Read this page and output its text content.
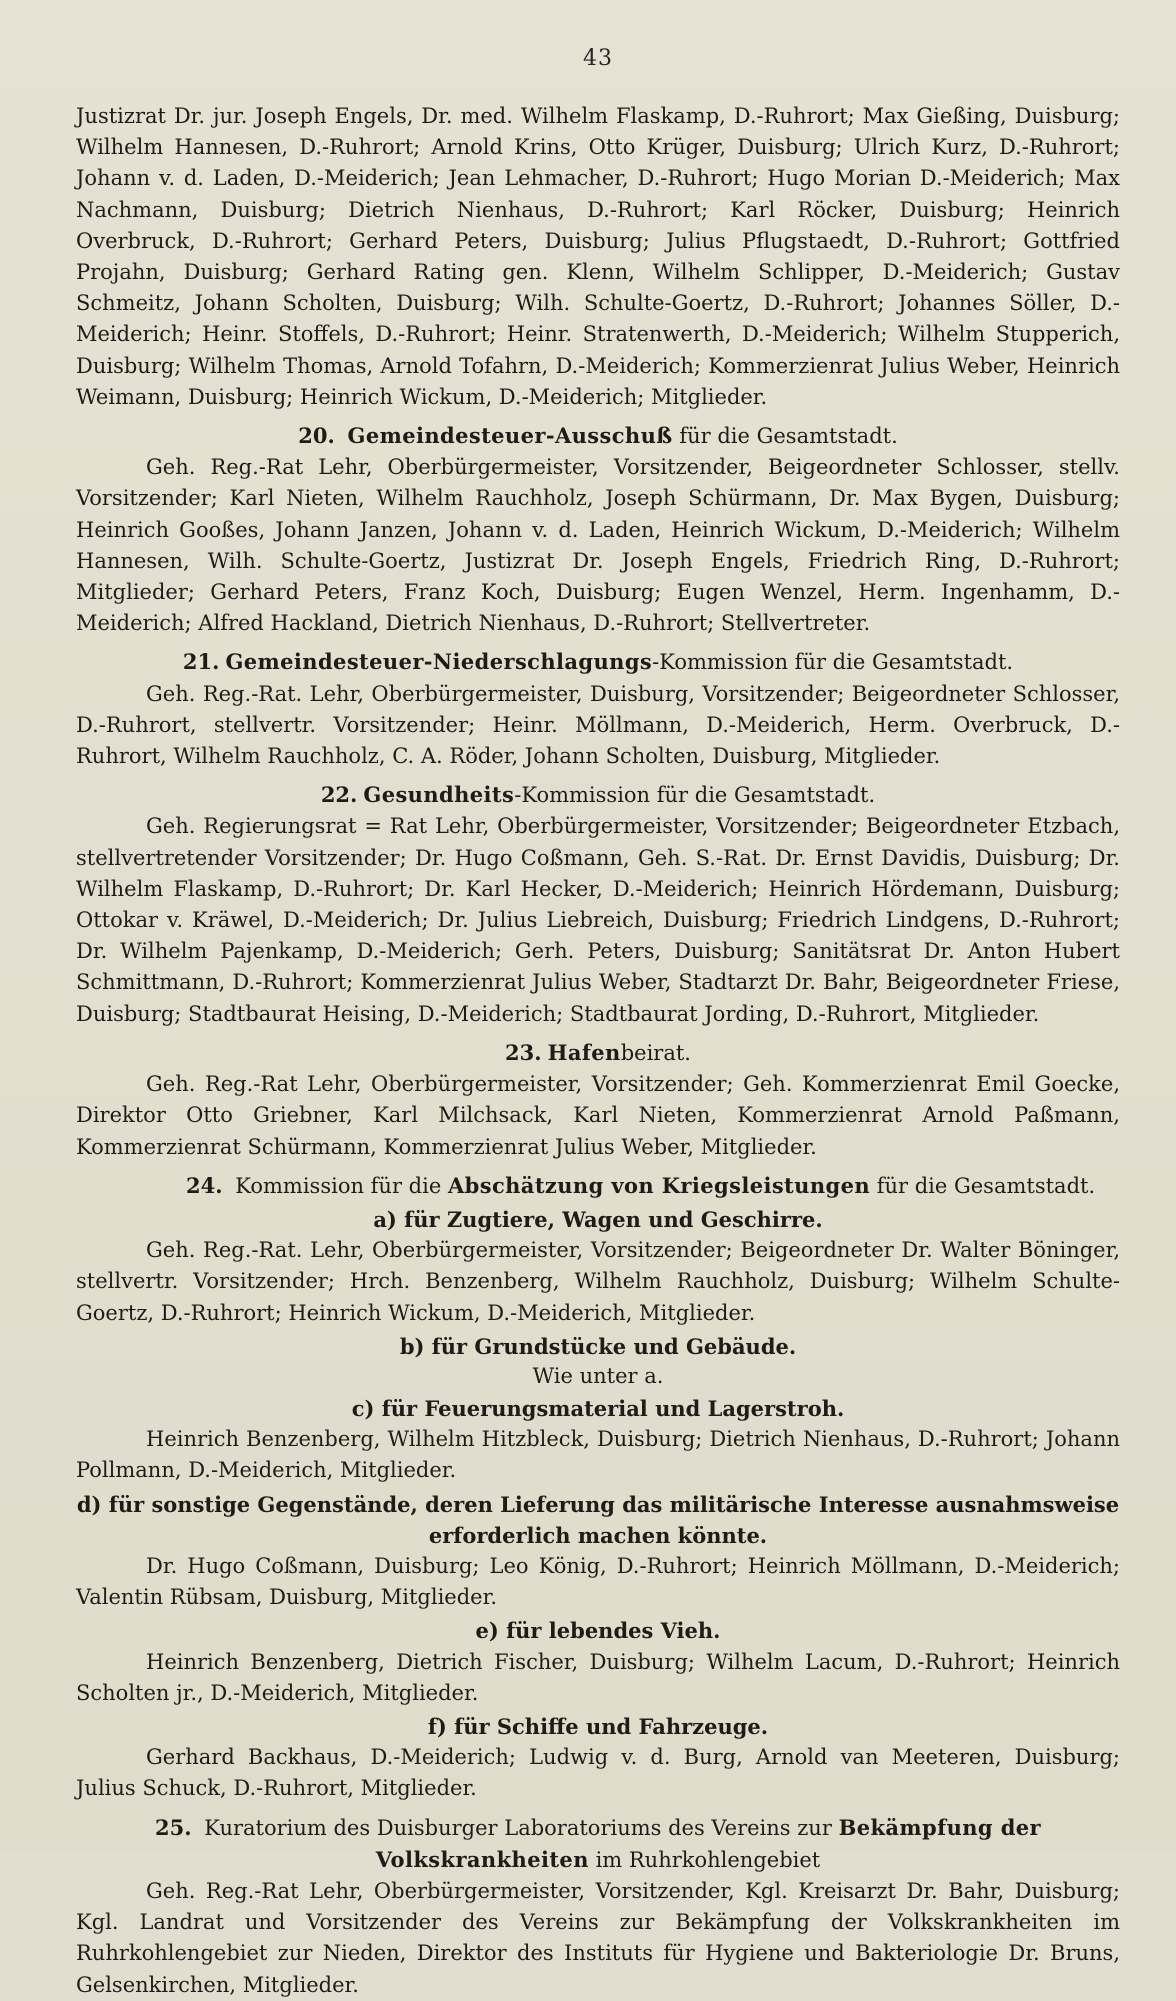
43

Justizrat Dr. jur. Joseph Engels, Dr. med. Wilhelm Flaskamp, D.-Ruhrort; Max Gießing, Duisburg; Wilhelm Hannesen, D.-Ruhrort; Arnold Krins, Otto Krüger, Duisburg; Ulrich Kurz, D.-Ruhrort; Johann v. d. Laden, D.-Meiderich; Jean Lehmacher, D.-Ruhrort; Hugo Morian D.-Meiderich; Max Nachmann, Duisburg; Dietrich Nienhaus, D.-Ruhrort; Karl Röcker, Duisburg; Heinrich Overbruck, D.-Ruhrort; Gerhard Peters, Duisburg; Julius Pflugstaedt, D.-Ruhrort; Gottfried Projahn, Duisburg; Gerhard Rating gen. Klenn, Wilhelm Schlipper, D.-Meiderich; Gustav Schmeitz, Johann Scholten, Duisburg; Wilh. Schulte-Goertz, D.-Ruhrort; Johannes Söller, D.-Meiderich; Heinr. Stoffels, D.-Ruhrort; Heinr. Stratenwerth, D.-Meiderich; Wilhelm Stupperich, Duisburg; Wilhelm Thomas, Arnold Tofahrn, D.-Meiderich; Kommerzienrat Julius Weber, Heinrich Weimann, Duisburg; Heinrich Wickum, D.-Meiderich; Mitglieder.

20. Gemeindesteuer-Ausschuß für die Gesamtstadt.

Geh. Reg.-Rat Lehr, Oberbürgermeister, Vorsitzender, Beigeordneter Schlosser, stellv. Vorsitzender; Karl Nieten, Wilhelm Rauchholz, Joseph Schürmann, Dr. Max Bygen, Duisburg; Heinrich Gooßes, Johann Janzen, Johann v. d. Laden, Heinrich Wickum, D.-Meiderich; Wilhelm Hannesen, Wilh. Schulte-Goertz, Justizrat Dr. Joseph Engels, Friedrich Ring, D.-Ruhrort; Mitglieder; Gerhard Peters, Franz Koch, Duisburg; Eugen Wenzel, Herm. Ingenhamm, D.-Meiderich; Alfred Hackland, Dietrich Nienhaus, D.-Ruhrort; Stellvertreter.

21. Gemeindesteuer-Niederschlagungs-Kommission für die Gesamtstadt.

Geh. Reg.-Rat. Lehr, Oberbürgermeister, Duisburg, Vorsitzender; Beigeordneter Schlosser, D.-Ruhrort, stellvertr. Vorsitzender; Heinr. Möllmann, D.-Meiderich, Herm. Overbruck, D.-Ruhrort, Wilhelm Rauchholz, C. A. Röder, Johann Scholten, Duisburg, Mitglieder.

22. Gesundheits-Kommission für die Gesamtstadt.

Geh. Regierungsrat = Rat Lehr, Oberbürgermeister, Vorsitzender; Beigeordneter Etzbach, stellvertretender Vorsitzender; Dr. Hugo Coßmann, Geh. S.-Rat. Dr. Ernst Davidis, Duisburg; Dr. Wilhelm Flaskamp, D.-Ruhrort; Dr. Karl Hecker, D.-Meiderich; Heinrich Hördemann, Duisburg; Ottokar v. Kräwel, D.-Meiderich; Dr. Julius Liebreich, Duisburg; Friedrich Lindgens, D.-Ruhrort; Dr. Wilhelm Pajenkamp, D.-Meiderich; Gerh. Peters, Duisburg; Sanitätsrat Dr. Anton Hubert Schmittmann, D.-Ruhrort; Kommerzienrat Julius Weber, Stadtarzt Dr. Bahr, Beigeordneter Friese, Duisburg; Stadtbaurat Heising, D.-Meiderich; Stadtbaurat Jording, D.-Ruhrort, Mitglieder.

23. Hafenbeirat.

Geh. Reg.-Rat Lehr, Oberbürgermeister, Vorsitzender; Geh. Kommerzienrat Emil Goecke, Direktor Otto Griebner, Karl Milchsack, Karl Nieten, Kommerzienrat Arnold Paßmann, Kommerzienrat Schürmann, Kommerzienrat Julius Weber, Mitglieder.

24. Kommission für die Abschätzung von Kriegsleistungen für die Gesamtstadt.
a) für Zugtiere, Wagen und Geschirre.

Geh. Reg.-Rat. Lehr, Oberbürgermeister, Vorsitzender; Beigeordneter Dr. Walter Böninger, stellvertr. Vorsitzender; Hrch. Benzenberg, Wilhelm Rauchholz, Duisburg; Wilhelm Schulte-Goertz, D.-Ruhrort; Heinrich Wickum, D.-Meiderich, Mitglieder.

b) für Grundstücke und Gebäude.

Wie unter a.

c) für Feuerungsmaterial und Lagerstroh.

Heinrich Benzenberg, Wilhelm Hitzbleck, Duisburg; Dietrich Nienhaus, D.-Ruhrort; Johann Pollmann, D.-Meiderich, Mitglieder.

d) für sonstige Gegenstände, deren Lieferung das militärische Interesse ausnahmsweise erforderlich machen könnte.

Dr. Hugo Coßmann, Duisburg; Leo König, D.-Ruhrort; Heinrich Möllmann, D.-Meiderich; Valentin Rübsam, Duisburg, Mitglieder.

e) für lebendes Vieh.

Heinrich Benzenberg, Dietrich Fischer, Duisburg; Wilhelm Lacum, D.-Ruhrort; Heinrich Scholten jr., D.-Meiderich, Mitglieder.

f) für Schiffe und Fahrzeuge.

Gerhard Backhaus, D.-Meiderich; Ludwig v. d. Burg, Arnold van Meeteren, Duisburg; Julius Schuck, D.-Ruhrort, Mitglieder.

25. Kuratorium des Duisburger Laboratoriums des Vereins zur Bekämpfung der Volkskrankheiten im Ruhrkohlengebiet

Geh. Reg.-Rat Lehr, Oberbürgermeister, Vorsitzender, Kgl. Kreisarzt Dr. Bahr, Duisburg; Kgl. Landrat und Vorsitzender des Vereins zur Bekämpfung der Volkskrankheiten im Ruhrkohlengebiet zur Nieden, Direktor des Instituts für Hygiene und Bakteriologie Dr. Bruns, Gelsenkirchen, Mitglieder.
